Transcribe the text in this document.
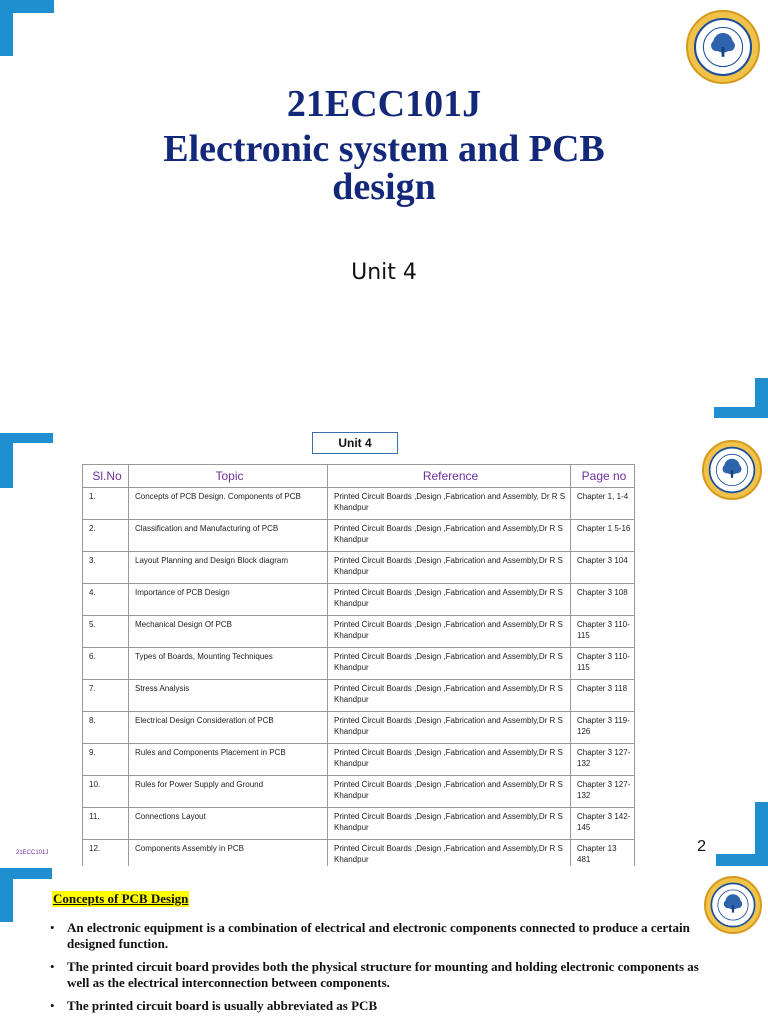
21ECC101J
Electronic system and PCB design
Unit 4
Unit 4
Sl.No	Topic	Reference	Page no
1.	Concepts of PCB Design. Components of PCB	Printed Circuit Boards ,Design ,Fabrication and Assembly, Dr R S Khandpur	Chapter 1, 1-4
2.	Classification and Manufacturing of PCB	Printed Circuit Boards ,Design ,Fabrication and Assembly,Dr R S Khandpur	Chapter 1 5-16
3.	Layout Planning and Design Block diagram	Printed Circuit Boards ,Design ,Fabrication and Assembly,Dr R S Khandpur	Chapter 3 104
4.	Importance of PCB Design	Printed Circuit Boards ,Design ,Fabrication and Assembly,Dr R S Khandpur	Chapter 3 108
5.	Mechanical Design Of PCB	Printed Circuit Boards ,Design ,Fabrication and Assembly,Dr R S Khandpur	Chapter 3 110-115
6.	Types of Boards, Mounting Techniques	Printed Circuit Boards ,Design ,Fabrication and Assembly,Dr R S Khandpur	Chapter 3 110-115
7.	Stress Analysis	Printed Circuit Boards ,Design ,Fabrication and Assembly,Dr R S Khandpur	Chapter 3 118
8.	Electrical Design Consideration of PCB	Printed Circuit Boards ,Design ,Fabrication and Assembly,Dr R S Khandpur	Chapter 3 119-126
9.	Rules and Components Placement in PCB	Printed Circuit Boards ,Design ,Fabrication and Assembly,Dr R S Khandpur	Chapter 3 127-132
10.	Rules for Power Supply and Ground	Printed Circuit Boards ,Design ,Fabrication and Assembly,Dr R S Khandpur	Chapter 3 127-132
11.	Connections Layout	Printed Circuit Boards ,Design ,Fabrication and Assembly,Dr R S Khandpur	Chapter 3 142-145
12.	Components Assembly in PCB	Printed Circuit Boards ,Design ,Fabrication and Assembly,Dr R S Khandpur	Chapter 13 481
21ECC101J	2
Concepts of PCB Design
• An electronic equipment is a combination of electrical and electronic components connected to produce a certain designed function.
• The printed circuit board provides both the physical structure for mounting and holding electronic components as well as the electrical interconnection between components.
• The printed circuit board is usually abbreviated as PCB
